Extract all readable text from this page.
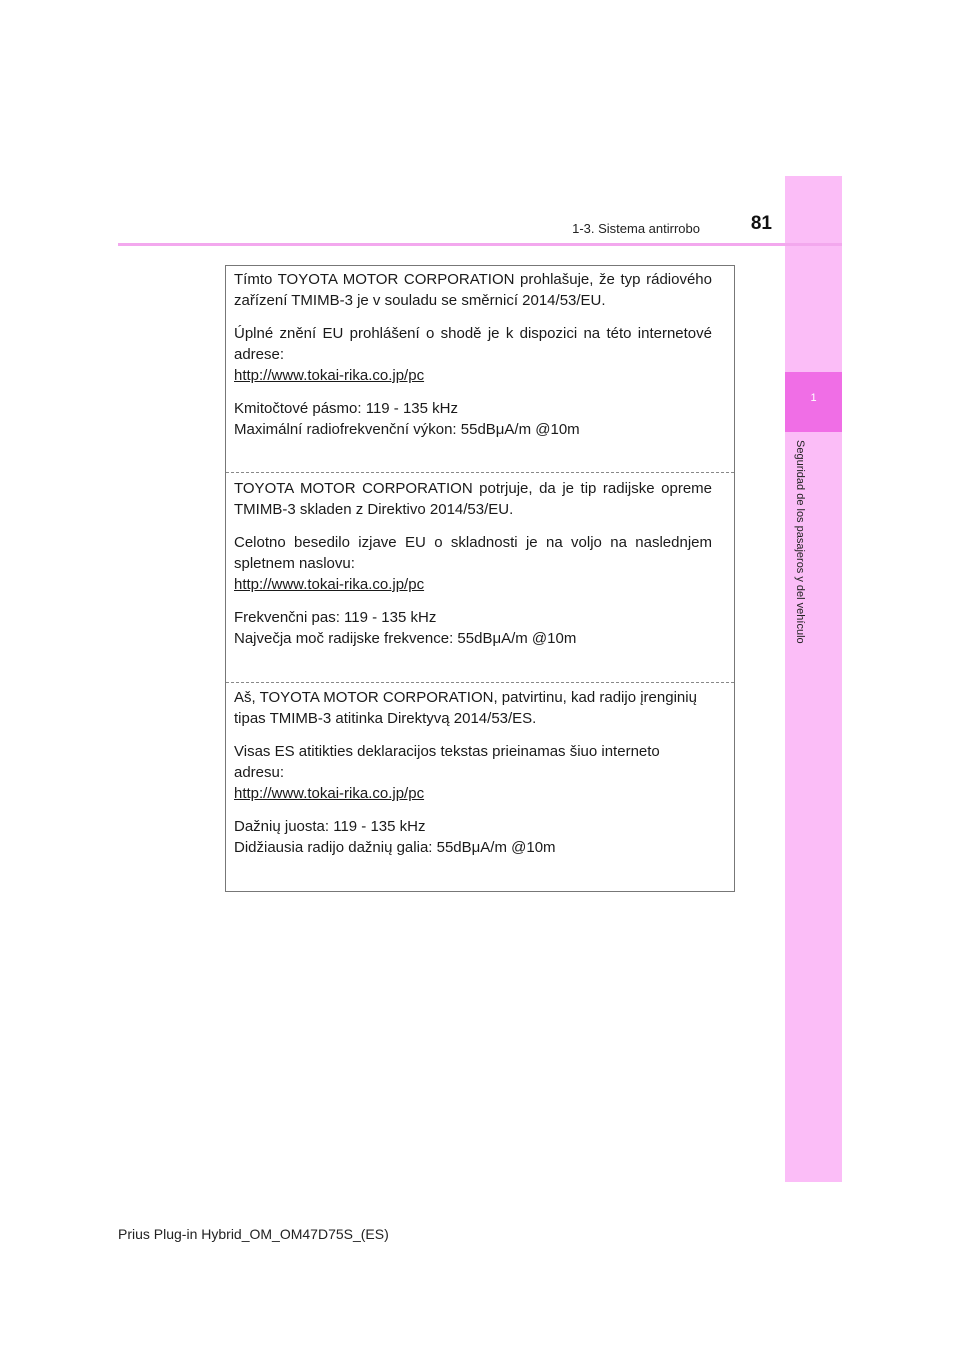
1
Seguridad de los pasajeros y del vehículo
1-3. Sistema antirrobo	81

Tímto TOYOTA MOTOR CORPORATION prohlašuje, že typ rádiového zařízení TMIMB-3 je v souladu se směrnicí 2014/53/EU.

Úplné znění EU prohlášení o shodě je k dispozici na této internetové adrese:

http://www.tokai-rika.co.jp/pc

Kmitočtové pásmo: 119 - 135 kHz

Maximální radiofrekvenční výkon: 55dBμA/m @10m

TOYOTA MOTOR CORPORATION potrjuje, da je tip radijske opreme TMIMB-3 skladen z Direktivo 2014/53/EU.

Celotno besedilo izjave EU o skladnosti je na voljo na naslednjem spletnem naslovu:

http://www.tokai-rika.co.jp/pc

Frekvenčni pas: 119 - 135 kHz

Največja moč radijske frekvence: 55dBμA/m @10m

Aš, TOYOTA MOTOR CORPORATION, patvirtinu, kad radijo įrenginių tipas TMIMB-3 atitinka Direktyvą 2014/53/ES.

Visas ES atitikties deklaracijos tekstas prieinamas šiuo interneto adresu:

http://www.tokai-rika.co.jp/pc

Dažnių juosta: 119 - 135 kHz

Didžiausia radijo dažnių galia: 55dBμA/m @10m

Prius Plug-in Hybrid_OM_OM47D75S_(ES)
